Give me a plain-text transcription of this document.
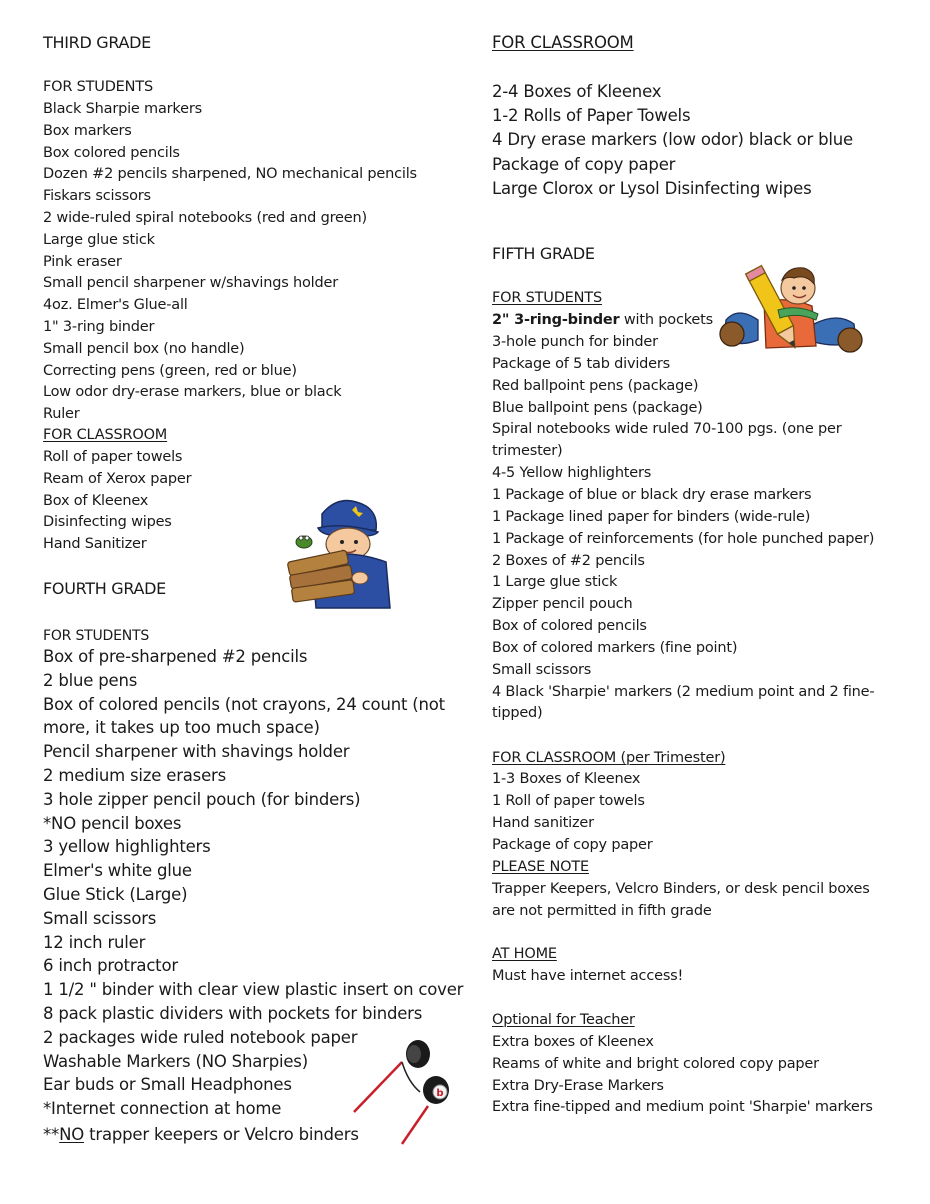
THIRD GRADE
FOR STUDENTS
Black Sharpie markers
Box markers
Box colored pencils
Dozen #2 pencils sharpened, NO mechanical pencils
Fiskars scissors
2 wide-ruled spiral notebooks (red and green)
Large glue stick
Pink eraser
Small pencil sharpener w/shavings holder
4oz. Elmer's Glue-all
1" 3-ring binder
Small pencil box (no handle)
Correcting pens (green, red or blue)
Low odor dry-erase markers, blue or black
Ruler
FOR CLASSROOM
Roll of paper towels
Ream of Xerox paper
Box of Kleenex
Disinfecting wipes
Hand Sanitizer
FOURTH GRADE
FOR STUDENTS
Box of pre-sharpened #2 pencils
2 blue pens
Box of colored pencils (not crayons, 24 count (not
more, it takes up too much space)
Pencil sharpener with shavings holder
2 medium size erasers
3 hole zipper pencil pouch (for binders)
*NO pencil boxes
3 yellow highlighters
Elmer's white glue
Glue Stick (Large)
Small scissors
12 inch ruler
6 inch protractor
1 1/2 " binder with clear view plastic insert on cover
8 pack plastic dividers with pockets for binders
2 packages wide ruled notebook paper
Washable Markers (NO Sharpies)
Ear buds or Small Headphones
*Internet connection at home
**NO trapper keepers or Velcro binders
FOR CLASSROOM
2-4 Boxes of Kleenex
1-2 Rolls of Paper Towels
4 Dry erase markers (low odor) black or blue
Package of copy paper
Large Clorox or Lysol Disinfecting wipes
FIFTH GRADE
FOR STUDENTS
2" 3-ring-binder with pockets
3-hole punch for binder
Package of 5 tab dividers
Red ballpoint pens (package)
Blue ballpoint pens (package)
Spiral notebooks wide ruled 70-100 pgs. (one per
trimester)
4-5 Yellow highlighters
1 Package of blue or black dry erase markers
1 Package lined paper for binders (wide-rule)
1 Package of reinforcements (for hole punched paper)
2 Boxes of #2 pencils
1 Large glue stick
Zipper pencil pouch
Box of colored pencils
Box of colored markers (fine point)
Small scissors
4 Black 'Sharpie' markers (2 medium point and 2 fine-
tipped)
FOR CLASSROOM (per Trimester)
1-3 Boxes of Kleenex
1 Roll of paper towels
Hand sanitizer
Package of copy paper
PLEASE NOTE
Trapper Keepers, Velcro Binders, or desk pencil boxes
are not permitted in fifth grade
AT HOME
Must have internet access!
Optional for Teacher
Extra boxes of Kleenex
Reams of white and bright colored copy paper
Extra Dry-Erase Markers
Extra fine-tipped and medium point 'Sharpie' markers
b
